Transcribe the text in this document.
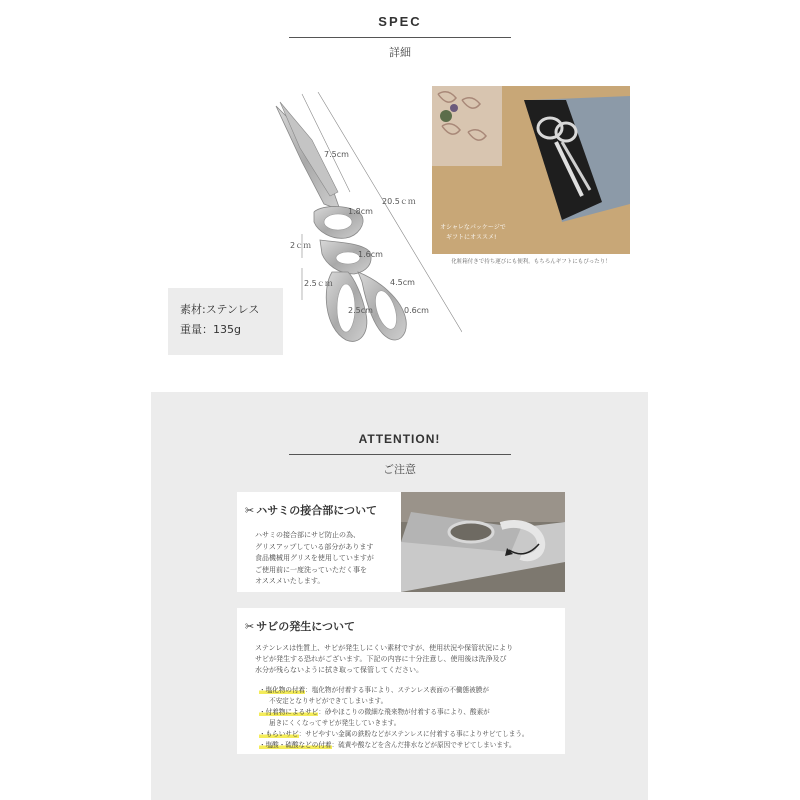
SPEC
詳細
7.5cm
20.5ｃｍ
1.8cm
2ｃｍ
1.6cm
2.5ｃｍ	4.5cm
2.5cm	0.6cm
素材:ステンレス
重量：135g
オシャレなパッケージで
ギフトにオススメ!
化粧箱付きで持ち運びにも便利。もちろんギフトにもぴったり！
ATTENTION!
ご注意
✂ ハサミの接合部について
ハサミの接合部にサビ防止の為、
グリスアップしている部分があります
食品機械用グリスを使用していますが
ご使用前に一度洗っていただく事を
オススメいたします。
✂ サビの発生について
ステンレスは性質上、サビが発生しにくい素材ですが、使用状況や保管状況により
サビが発生する恐れがございます。下記の内容に十分注意し、使用後は洗浄及び
水分が残らないように拭き取って保管してください。
・塩化物の付着：塩化物が付着する事により、ステンレス表面の不働態被膜が
不安定となりサビができてしまいます。
・付着物によるサビ：砂やほこりの微細な飛来物が付着する事により、酸素が
届きにくくなってサビが発生していきます。
・もらいサビ：サビやすい金属の鉄粉などがステンレスに付着する事によりサビてしまう。
・塩酸・硫酸などの付着：硫黄や酸などを含んだ排水などが原因でサビてしまいます。
